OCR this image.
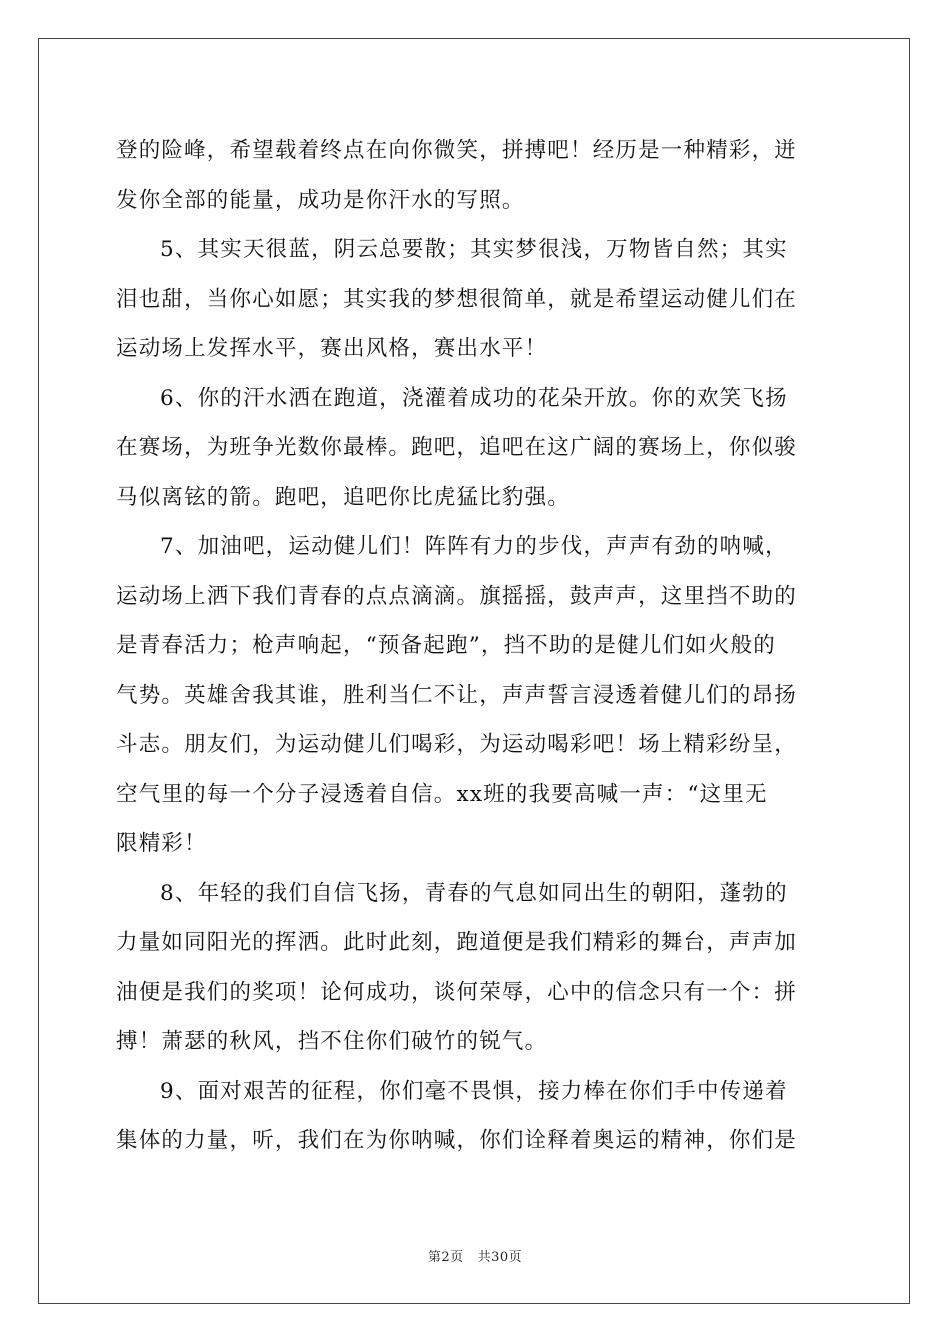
登的险峰，希望载着终点在向你微笑，拼搏吧！经历是一种精彩，迸
发你全部的能量，成功是你汗水的写照。

5、其实天很蓝，阴云总要散；其实梦很浅，万物皆自然；其实
泪也甜，当你心如愿；其实我的梦想很简单，就是希望运动健儿们在
运动场上发挥水平，赛出风格，赛出水平！

6、你的汗水洒在跑道，浇灌着成功的花朵开放。你的欢笑飞扬
在赛场，为班争光数你最棒。跑吧，追吧在这广阔的赛场上，你似骏
马似离铉的箭。跑吧，追吧你比虎猛比豹强。

7、加油吧，运动健儿们！阵阵有力的步伐，声声有劲的呐喊，
运动场上洒下我们青春的点点滴滴。旗摇摇，鼓声声，这里挡不助的
是青春活力；枪声响起，“预备起跑”，挡不助的是健儿们如火般的
气势。英雄舍我其谁，胜利当仁不让，声声誓言浸透着健儿们的昂扬
斗志。朋友们，为运动健儿们喝彩，为运动喝彩吧！场上精彩纷呈，
空气里的每一个分子浸透着自信。xx班的我要高喊一声：“这里无
限精彩！

8、年轻的我们自信飞扬，青春的气息如同出生的朝阳，蓬勃的
力量如同阳光的挥洒。此时此刻，跑道便是我们精彩的舞台，声声加
油便是我们的奖项！论何成功，谈何荣辱，心中的信念只有一个：拼
搏！萧瑟的秋风，挡不住你们破竹的锐气。

9、面对艰苦的征程，你们毫不畏惧，接力棒在你们手中传递着
集体的力量，听，我们在为你呐喊，你们诠释着奥运的精神，你们是

第2页 共30页
